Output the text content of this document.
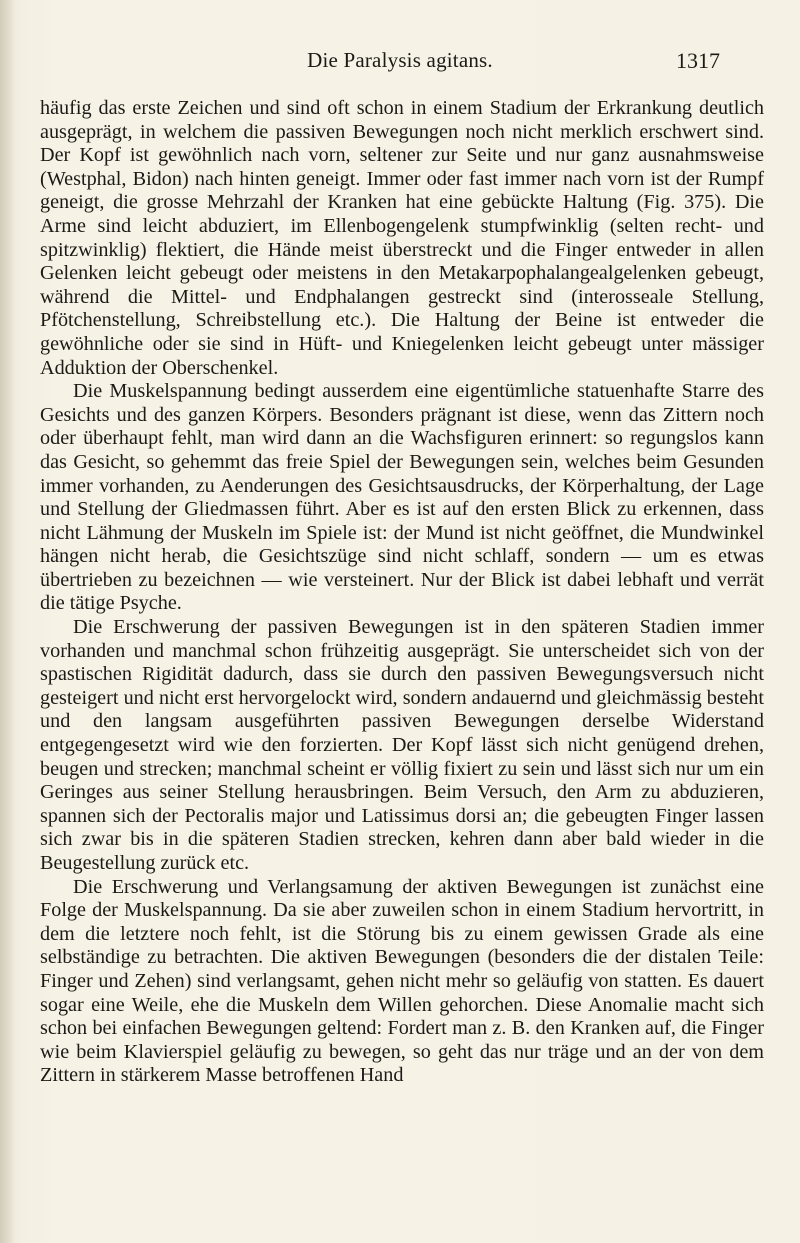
Die Paralysis agitans.	1317

häufig das erste Zeichen und sind oft schon in einem Stadium der Erkrankung deutlich ausgeprägt, in welchem die passiven Bewegungen noch nicht merklich erschwert sind. Der Kopf ist gewöhnlich nach vorn, seltener zur Seite und nur ganz ausnahmsweise (Westphal, Bidon) nach hinten geneigt. Immer oder fast immer nach vorn ist der Rumpf geneigt, die grosse Mehrzahl der Kranken hat eine gebückte Haltung (Fig. 375). Die Arme sind leicht abduziert, im Ellenbogengelenk stumpfwinklig (selten recht- und spitzwinklig) flektiert, die Hände meist überstreckt und die Finger entweder in allen Gelenken leicht gebeugt oder meistens in den Metakarpophalangealgelenken gebeugt, während die Mittel- und Endphalangen gestreckt sind (interosseale Stellung, Pfötchenstellung, Schreibstellung etc.). Die Haltung der Beine ist entweder die gewöhnliche oder sie sind in Hüft- und Kniegelenken leicht gebeugt unter mässiger Adduktion der Oberschenkel.

Die Muskelspannung bedingt ausserdem eine eigentümliche statuenhafte Starre des Gesichts und des ganzen Körpers. Besonders prägnant ist diese, wenn das Zittern noch oder überhaupt fehlt, man wird dann an die Wachsfiguren erinnert: so regungslos kann das Gesicht, so gehemmt das freie Spiel der Bewegungen sein, welches beim Gesunden immer vorhanden, zu Aenderungen des Gesichtsausdrucks, der Körperhaltung, der Lage und Stellung der Gliedmassen führt. Aber es ist auf den ersten Blick zu erkennen, dass nicht Lähmung der Muskeln im Spiele ist: der Mund ist nicht geöffnet, die Mundwinkel hängen nicht herab, die Gesichtszüge sind nicht schlaff, sondern — um es etwas übertrieben zu bezeichnen — wie versteinert. Nur der Blick ist dabei lebhaft und verrät die tätige Psyche.

Die Erschwerung der passiven Bewegungen ist in den späteren Stadien immer vorhanden und manchmal schon frühzeitig ausgeprägt. Sie unterscheidet sich von der spastischen Rigidität dadurch, dass sie durch den passiven Bewegungsversuch nicht gesteigert und nicht erst hervorgelockt wird, sondern andauernd und gleichmässig besteht und den langsam ausgeführten passiven Bewegungen derselbe Widerstand entgegengesetzt wird wie den forzierten. Der Kopf lässt sich nicht genügend drehen, beugen und strecken; manchmal scheint er völlig fixiert zu sein und lässt sich nur um ein Geringes aus seiner Stellung herausbringen. Beim Versuch, den Arm zu abduzieren, spannen sich der Pectoralis major und Latissimus dorsi an; die gebeugten Finger lassen sich zwar bis in die späteren Stadien strecken, kehren dann aber bald wieder in die Beugestellung zurück etc.

Die Erschwerung und Verlangsamung der aktiven Bewegungen ist zunächst eine Folge der Muskelspannung. Da sie aber zuweilen schon in einem Stadium hervortritt, in dem die letztere noch fehlt, ist die Störung bis zu einem gewissen Grade als eine selbständige zu betrachten. Die aktiven Bewegungen (besonders die der distalen Teile: Finger und Zehen) sind verlangsamt, gehen nicht mehr so geläufig von statten. Es dauert sogar eine Weile, ehe die Muskeln dem Willen gehorchen. Diese Anomalie macht sich schon bei einfachen Bewegungen geltend: Fordert man z. B. den Kranken auf, die Finger wie beim Klavierspiel geläufig zu bewegen, so geht das nur träge und an der von dem Zittern in stärkerem Masse betroffenen Hand
